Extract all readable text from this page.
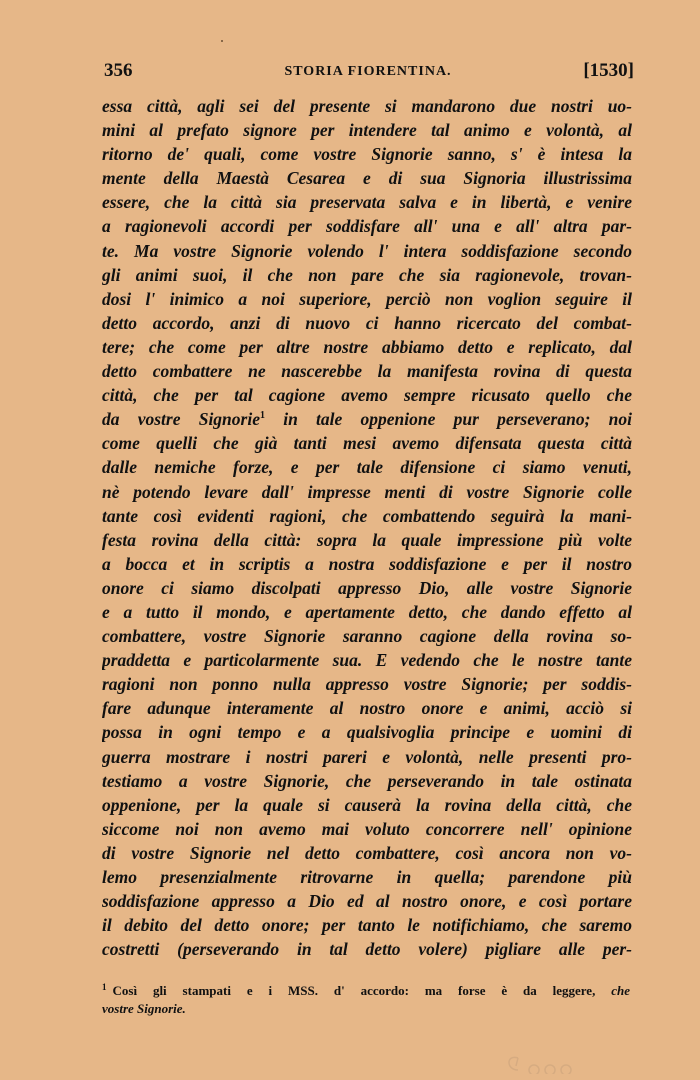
356	STORIA FIORENTINA.	[1530]
essa città, agli sei del presente si mandarono due nostri uo-
mini al prefato signore per intendere tal animo e volontà, al
ritorno de' quali, come vostre Signorie sanno, s' è intesa la
mente della Maestà Cesarea e di sua Signoria illustrissima
essere, che la città sia preservata salva e in libertà, e venire
a ragionevoli accordi per soddisfare all' una e all' altra par-
te. Ma vostre Signorie volendo l' intera soddisfazione secondo
gli animi suoi, il che non pare che sia ragionevole, trovan-
dosi l' inimico a noi superiore, perciò non voglion seguire il
detto accordo, anzi di nuovo ci hanno ricercato del combat-
tere; che come per altre nostre abbiamo detto e replicato, dal
detto combattere ne nascerebbe la manifesta rovina di questa
città, che per tal cagione avemo sempre ricusato quello che
da vostre Signorie$^1$ in tale oppenione pur perseverano; noi
come quelli che già tanti mesi avemo difensata questa città
dalle nemiche forze, e per tale difensione ci siamo venuti,
nè potendo levare dall' impresse menti di vostre Signorie colle
tante così evidenti ragioni, che combattendo seguirà la mani-
festa rovina della città: sopra la quale impressione più volte
a bocca et in scriptis a nostra soddisfazione e per il nostro
onore ci siamo discolpati appresso Dio, alle vostre Signorie
e a tutto il mondo, e apertamente detto, che dando effetto al
combattere, vostre Signorie saranno cagione della rovina so-
praddetta e particolarmente sua. E vedendo che le nostre tante
ragioni non ponno nulla appresso vostre Signorie; per soddis-
fare adunque interamente al nostro onore e animi, acciò si
possa in ogni tempo e a qualsivoglia principe e uomini di
guerra mostrare i nostri pareri e volontà, nelle presenti pro-
testiamo a vostre Signorie, che perseverando in tale ostinata
oppenione, per la quale si causerà la rovina della città, che
siccome noi non avemo mai voluto concorrere nell' opinione
di vostre Signorie nel detto combattere, così ancora non vo-
lemo presenzialmente ritrovarne in quella; parendone più
soddisfazione appresso a Dio ed al nostro onore, e così portare
il debito del detto onore; per tanto le notifichiamo, che saremo
costretti (perseverando in tal detto volere) pigliare alle per-
$^1$ Così gli stampati e i MSS. d' accordo: ma forse è da leggere, che
vostre Signorie.
